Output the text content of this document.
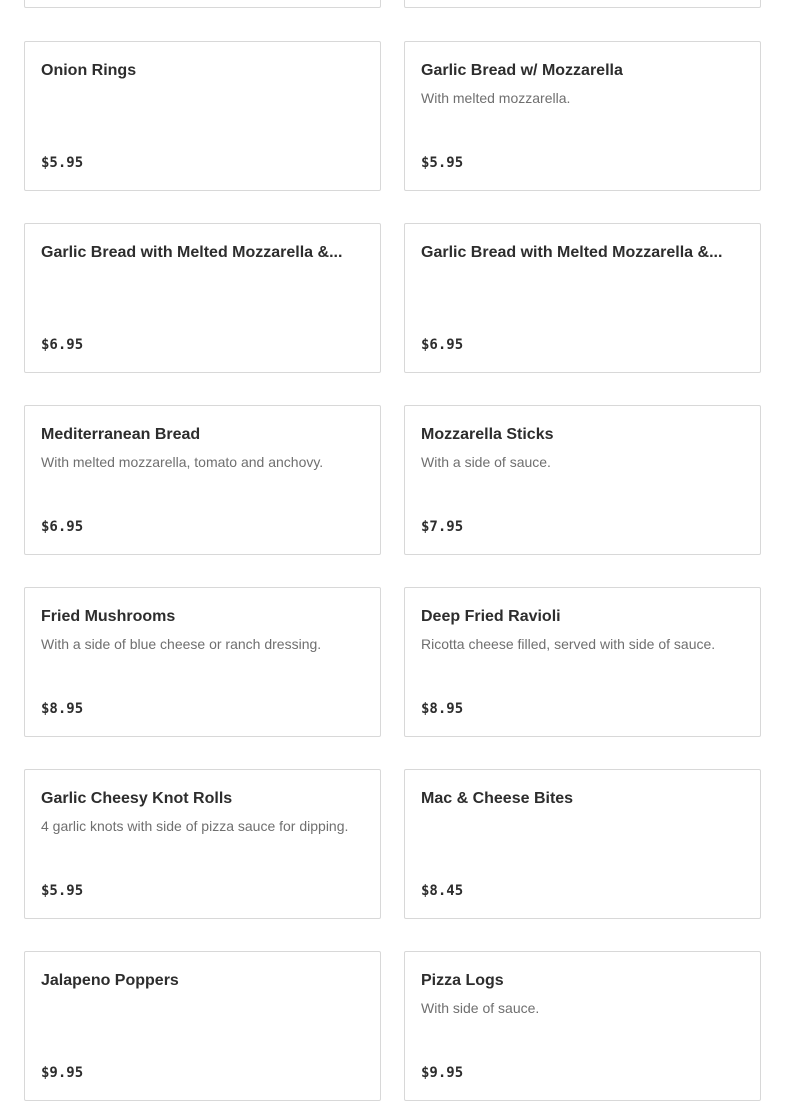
Onion Rings
$5.95
Garlic Bread w/ Mozzarella
With melted mozzarella.
$5.95
Garlic Bread with Melted Mozzarella &...
$6.95
Garlic Bread with Melted Mozzarella &...
$6.95
Mediterranean Bread
With melted mozzarella, tomato and anchovy.
$6.95
Mozzarella Sticks
With a side of sauce.
$7.95
Fried Mushrooms
With a side of blue cheese or ranch dressing.
$8.95
Deep Fried Ravioli
Ricotta cheese filled, served with side of sauce.
$8.95
Garlic Cheesy Knot Rolls
4 garlic knots with side of pizza sauce for dipping.
$5.95
Mac & Cheese Bites
$8.45
Jalapeno Poppers
$9.95
Pizza Logs
With side of sauce.
$9.95
